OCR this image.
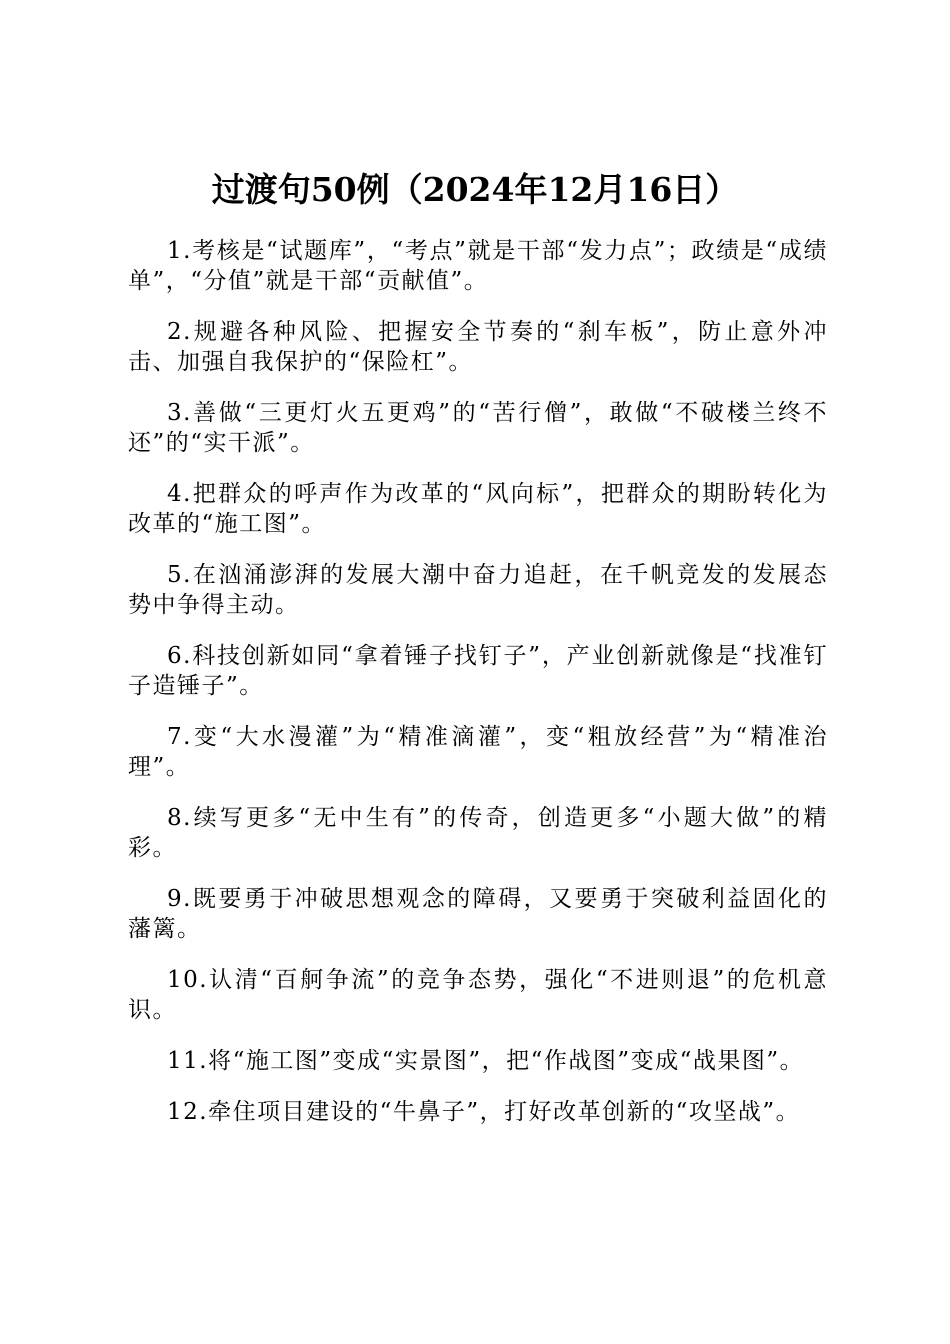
过渡句50例（2024年12月16日）

1.考核是“试题库”，“考点”就是干部“发力点”；政绩是“成绩单”，“分值”就是干部“贡献值”。

2.规避各种风险、把握安全节奏的“刹车板”，防止意外冲击、加强自我保护的“保险杠”。

3.善做“三更灯火五更鸡”的“苦行僧”，敢做“不破楼兰终不还”的“实干派”。

4.把群众的呼声作为改革的“风向标”，把群众的期盼转化为改革的“施工图”。

5.在汹涌澎湃的发展大潮中奋力追赶，在千帆竞发的发展态势中争得主动。

6.科技创新如同“拿着锤子找钉子”，产业创新就像是“找准钉子造锤子”。

7.变“大水漫灌”为“精准滴灌”，变“粗放经营”为“精准治理”。

8.续写更多“无中生有”的传奇，创造更多“小题大做”的精彩。

9.既要勇于冲破思想观念的障碍，又要勇于突破利益固化的藩篱。

10.认清“百舸争流”的竞争态势，强化“不进则退”的危机意识。

11.将“施工图”变成“实景图”，把“作战图”变成“战果图”。

12.牵住项目建设的“牛鼻子”，打好改革创新的“攻坚战”。
